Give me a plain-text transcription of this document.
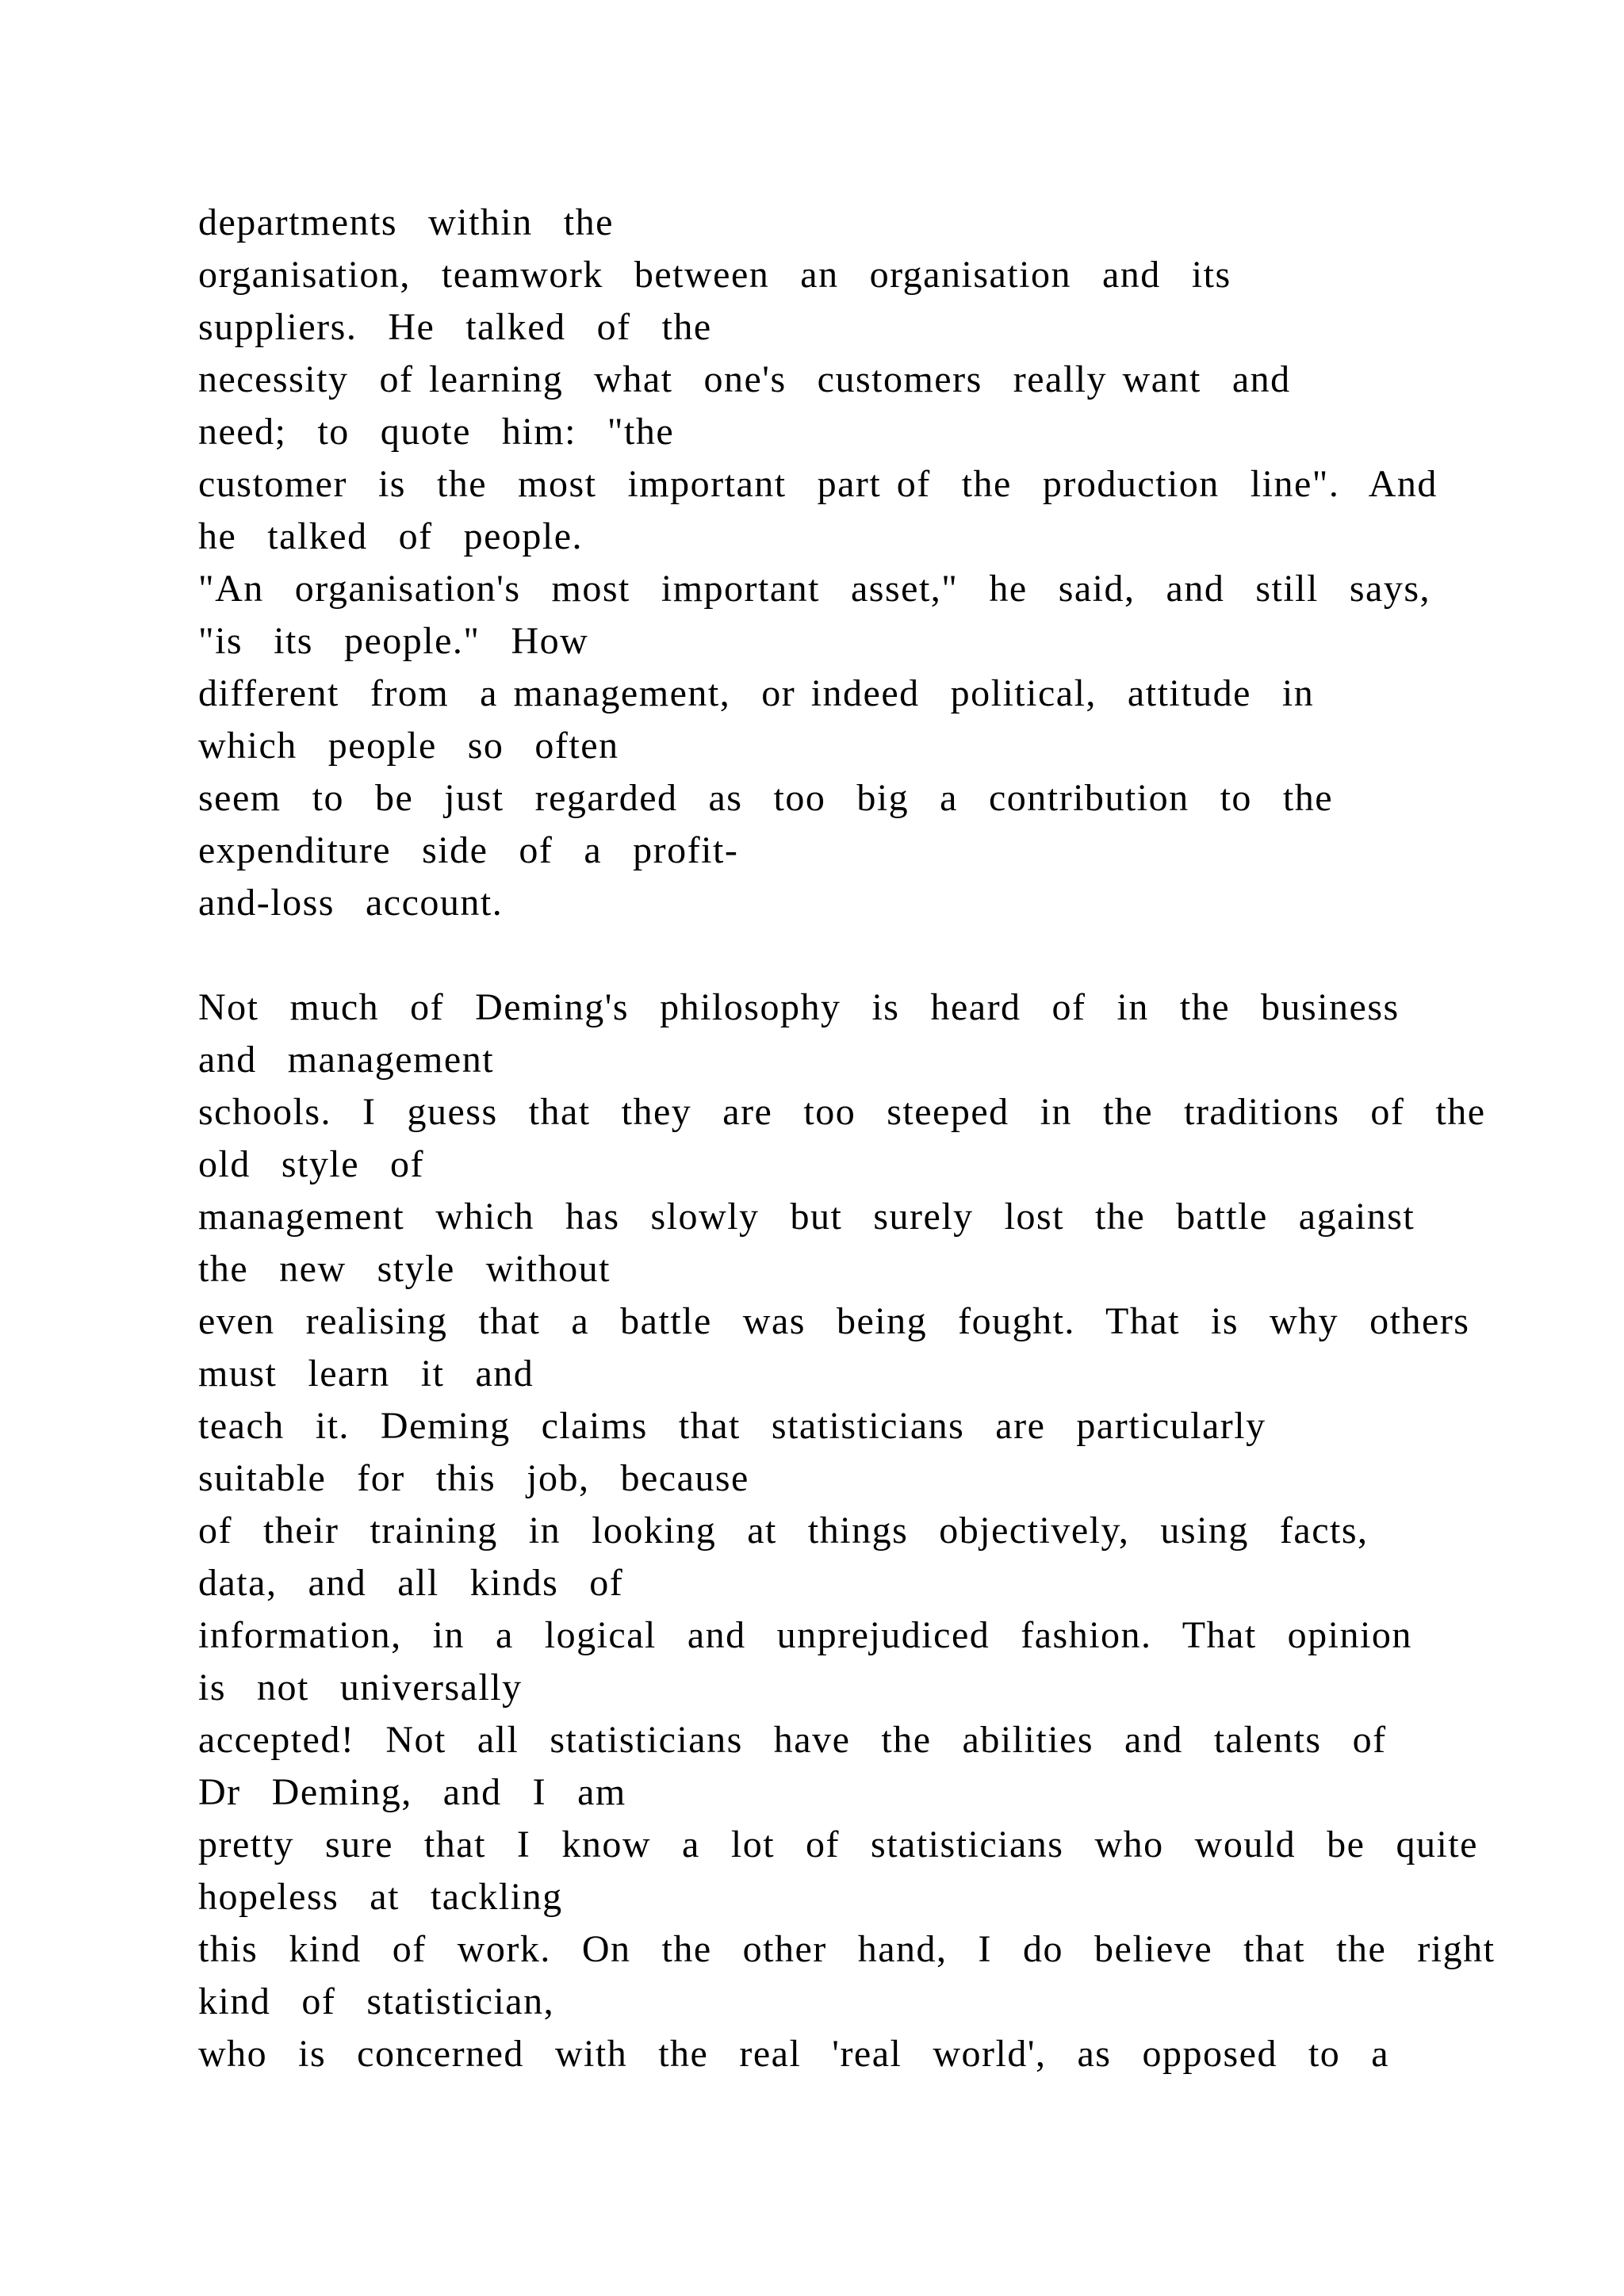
departments  within  the
organisation,  teamwork  between  an  organisation  and  its
suppliers.  He  talked  of  the
necessity  of learning  what  one's  customers  really want  and
need;  to  quote  him:  "the
customer  is  the  most  important  part of  the  production  line".  And
he  talked  of  people.
"An  organisation's  most  important  asset,"  he  said,  and  still  says,
"is  its  people."  How
different  from  a management,  or indeed  political,  attitude  in
which  people  so  often
seem  to  be  just  regarded  as  too  big  a  contribution  to  the
expenditure  side  of  a  profit-
and-loss  account.
Not  much  of  Deming's  philosophy  is  heard  of  in  the  business
and  management
schools.  I  guess  that  they  are  too  steeped  in  the  traditions  of  the
old  style  of
management  which  has  slowly  but  surely  lost  the  battle  against
the  new  style  without
even  realising  that  a  battle  was  being  fought.  That  is  why  others
must  learn  it  and
teach  it.  Deming  claims  that  statisticians  are  particularly
suitable  for  this  job,  because
of  their  training  in  looking  at  things  objectively,  using  facts,
data,  and  all  kinds  of
information,  in  a  logical  and  unprejudiced  fashion.  That  opinion
is  not  universally
accepted!  Not  all  statisticians  have  the  abilities  and  talents  of
Dr  Deming,  and  I  am
pretty  sure  that  I  know  a  lot  of  statisticians  who  would  be  quite
hopeless  at  tackling
this  kind  of  work.  On  the  other  hand,  I  do  believe  that  the  right
kind  of  statistician,
who  is  concerned  with  the  real  'real  world',  as  opposed  to  a
